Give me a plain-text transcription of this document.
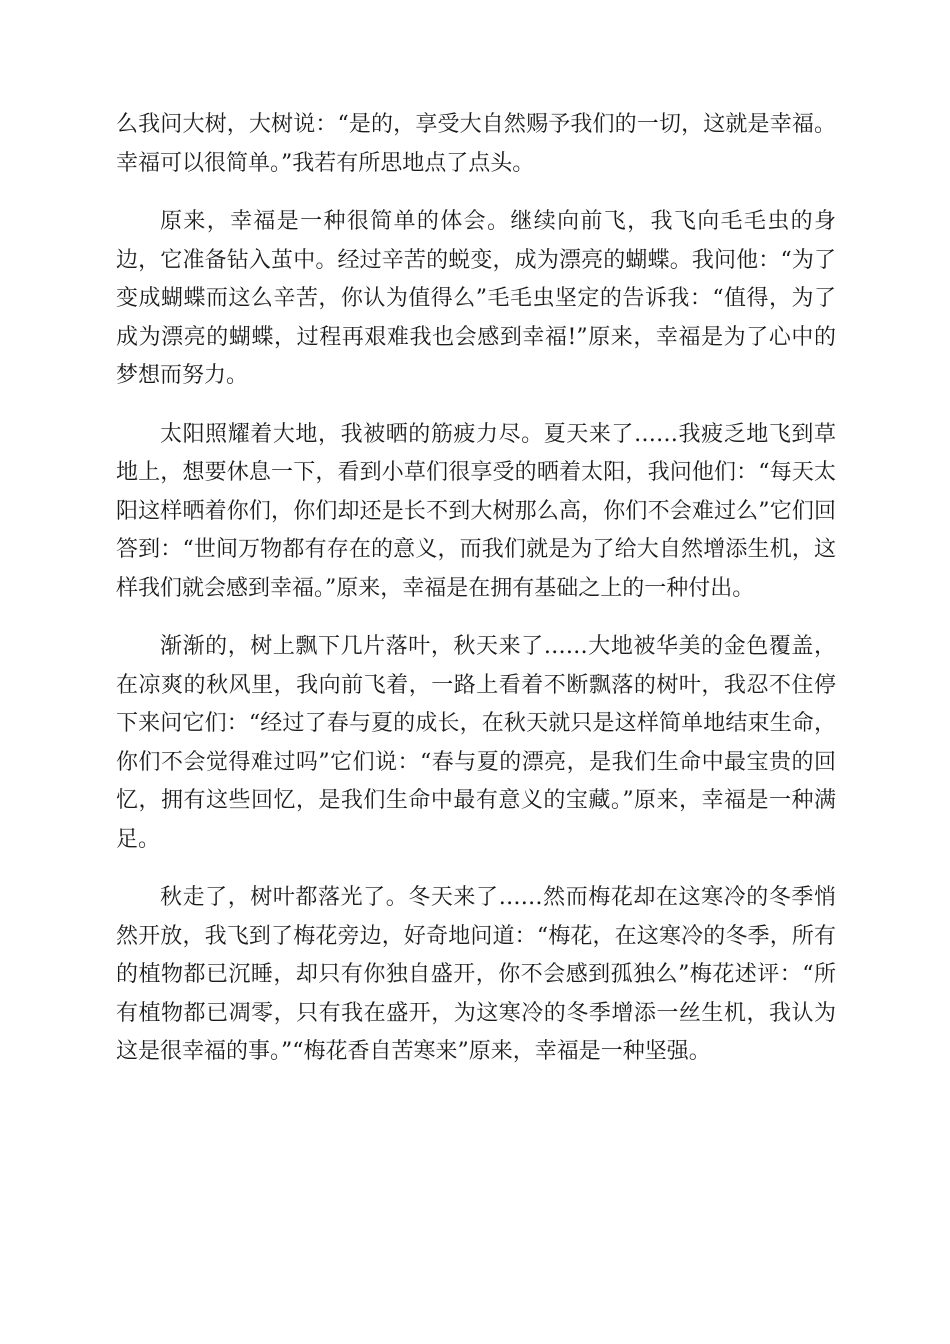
么我问大树，大树说：“是的，享受大自然赐予我们的一切，这就是幸福。幸福可以很简单。”我若有所思地点了点头。

原来，幸福是一种很简单的体会。继续向前飞，我飞向毛毛虫的身边，它准备钻入茧中。经过辛苦的蜕变，成为漂亮的蝴蝶。我问他：“为了变成蝴蝶而这么辛苦，你认为值得么”毛毛虫坚定的告诉我：“值得，为了成为漂亮的蝴蝶，过程再艰难我也会感到幸福!”原来，幸福是为了心中的梦想而努力。

太阳照耀着大地，我被晒的筋疲力尽。夏天来了……我疲乏地飞到草地上，想要休息一下，看到小草们很享受的晒着太阳，我问他们：“每天太阳这样晒着你们，你们却还是长不到大树那么高，你们不会难过么”它们回答到：“世间万物都有存在的意义，而我们就是为了给大自然增添生机，这样我们就会感到幸福。”原来，幸福是在拥有基础之上的一种付出。

渐渐的，树上飘下几片落叶，秋天来了……大地被华美的金色覆盖，在凉爽的秋风里，我向前飞着，一路上看着不断飘落的树叶，我忍不住停下来问它们：“经过了春与夏的成长，在秋天就只是这样简单地结束生命，你们不会觉得难过吗”它们说：“春与夏的漂亮，是我们生命中最宝贵的回忆，拥有这些回忆，是我们生命中最有意义的宝藏。”原来，幸福是一种满足。

秋走了，树叶都落光了。冬天来了……然而梅花却在这寒冷的冬季悄然开放，我飞到了梅花旁边，好奇地问道：“梅花，在这寒冷的冬季，所有的植物都已沉睡，却只有你独自盛开，你不会感到孤独么”梅花述评：“所有植物都已凋零，只有我在盛开，为这寒冷的冬季增添一丝生机，我认为这是很幸福的事。”“梅花香自苦寒来”原来，幸福是一种坚强。
